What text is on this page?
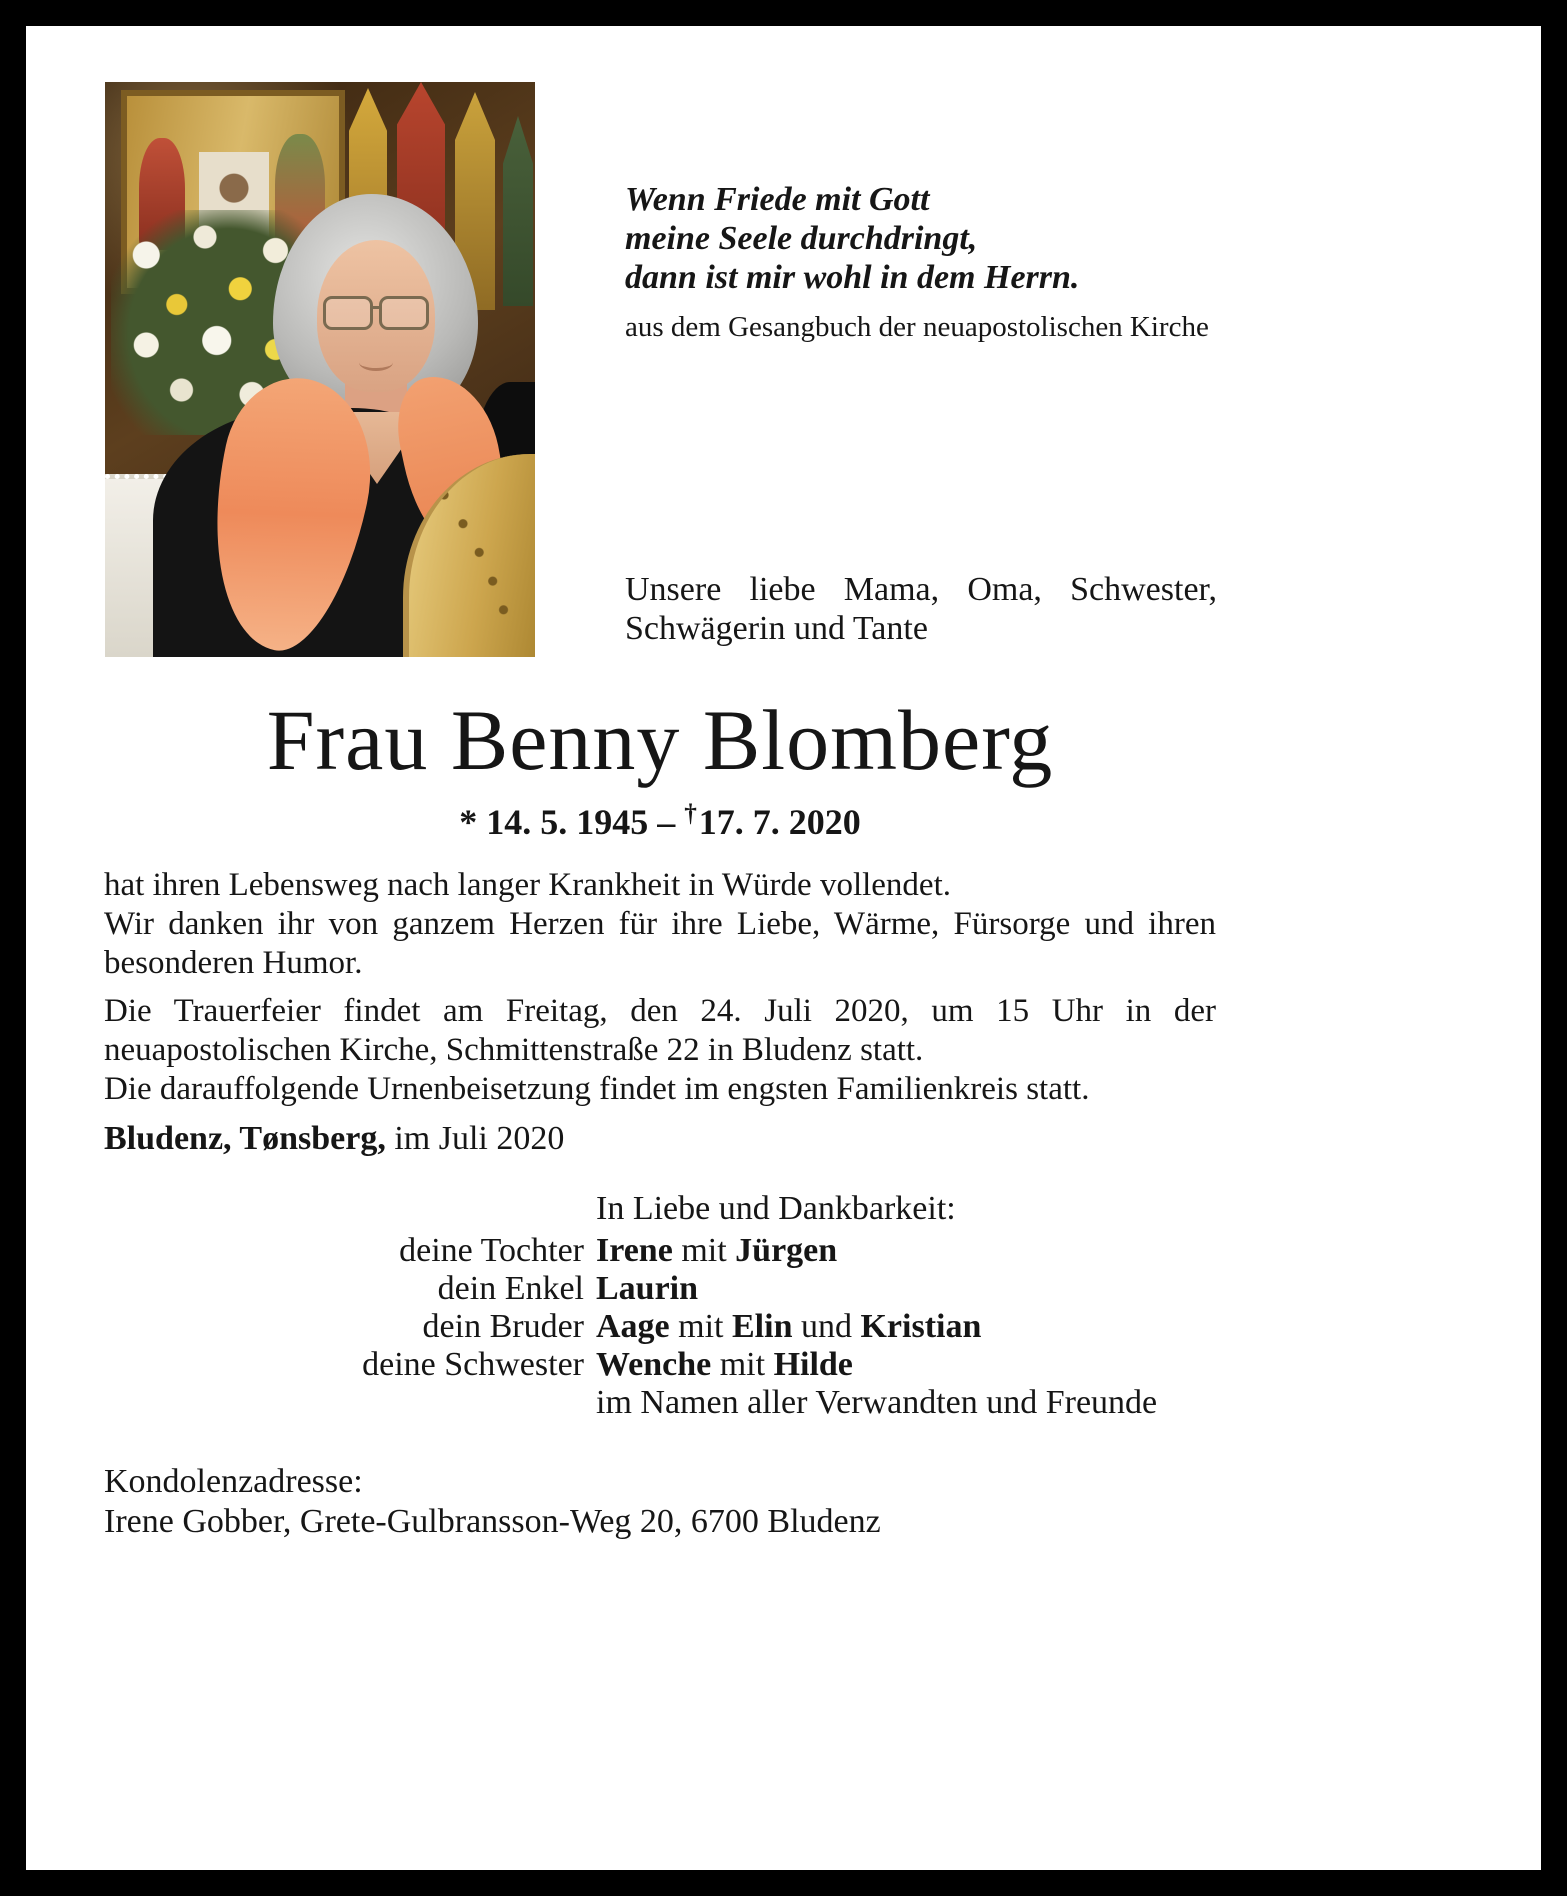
Wenn Friede mit Gott
meine Seele durchdringt,
dann ist mir wohl in dem Herrn.
aus dem Gesangbuch der neuapostolischen Kirche
Unsere liebe Mama, Oma, Schwester, Schwägerin und Tante
Frau Benny Blomberg
* 14. 5. 1945 – †17. 7. 2020

hat ihren Lebensweg nach langer Krankheit in Würde vollendet.

Wir danken ihr von ganzem Herzen für ihre Liebe, Wärme, Fürsorge und ihren besonderen Humor.

Die Trauerfeier findet am Freitag, den 24. Juli 2020, um 15 Uhr in der neuapostolischen Kirche, Schmittenstraße 22 in Bludenz statt.

Die darauffolgende Urnenbeisetzung findet im engsten Familienkreis statt.

Bludenz, Tønsberg, im Juli 2020
In Liebe und Dankbarkeit:
deine Tochter Irene mit Jürgen
dein Enkel Laurin
dein Bruder Aage mit Elin und Kristian
deine Schwester Wenche mit Hilde
im Namen aller Verwandten und Freunde
Kondolenzadresse:
Irene Gobber, Grete-Gulbransson-Weg 20, 6700 Bludenz
